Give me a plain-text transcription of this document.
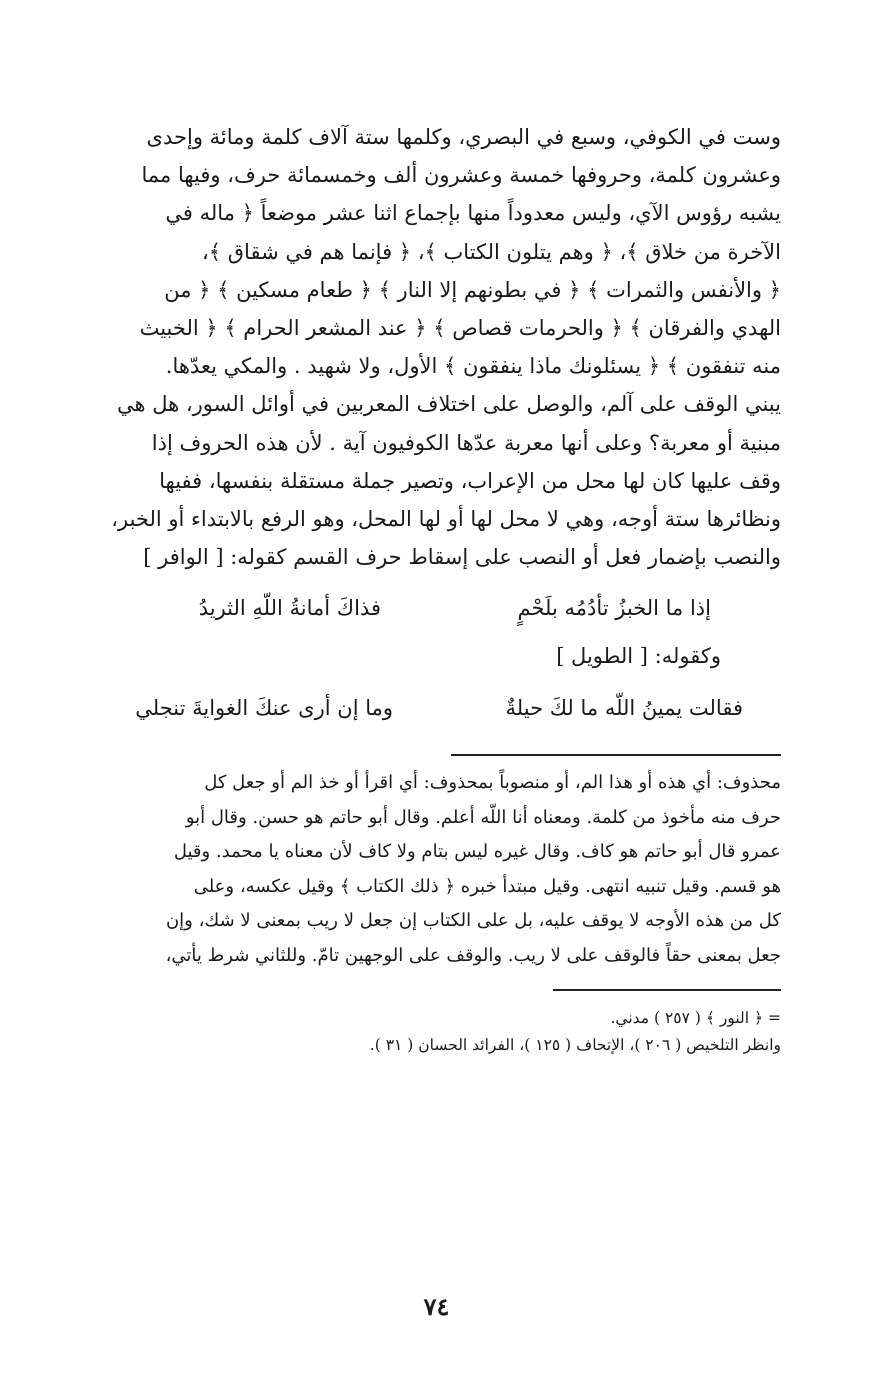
وست في الكوفي، وسبع في البصري، وكلمها ستة آلاف كلمة ومائة وإحدى

وعشرون كلمة، وحروفها خمسة وعشرون ألف وخمسمائة حرف، وفيها مما

يشبه رؤوس الآي، وليس معدوداً منها بإجماع اثنا عشر موضعاً ﴿ ماله في

الآخرة من خلاق ﴾، ﴿ وهم يتلون الكتاب ﴾، ﴿ فإنما هم في شقاق ﴾،

﴿ والأنفس والثمرات ﴾ ﴿ في بطونهم إلا النار ﴾ ﴿ طعام مسكين ﴾ ﴿ من

الهدي والفرقان ﴾ ﴿ والحرمات قصاص ﴾ ﴿ عند المشعر الحرام ﴾ ﴿ الخبيث

منه تنفقون ﴾ ﴿ يسئلونك ماذا ينفقون ﴾ الأول، ولا شهيد . والمكي يعدّها.

يبني الوقف على آلم، والوصل على اختلاف المعربين في أوائل السور، هل هي

مبنية أو معربة؟ وعلى أنها معربة عدّها الكوفيون آية . لأن هذه الحروف إذا

وقف عليها كان لها محل من الإعراب، وتصير جملة مستقلة بنفسها، ففيها

ونظائرها ستة أوجه، وهي لا محل لها أو لها المحل، وهو الرفع بالابتداء أو الخبر،

والنصب بإضمار فعل أو النصب على إسقاط حرف القسم كقوله: [ الوافر ]

إذا ما الخبزُ تأدُمُه بلَحْمٍ
فذاكَ أمانةُ اللّهِ الثريدُ
وكقوله: [ الطويل ]
فقالت يمينُ اللّه ما لكَ حيلةٌ
وما إن أرى عنكَ الغوايةَ تنجلي

محذوف: أي هذه أو هذا الم، أو منصوباً بمحذوف: أي اقرأ أو خذ الم أو جعل كل

حرف منه مأخوذ من كلمة. ومعناه أنا اللّه أعلم. وقال أبو حاتم هو حسن. وقال أبو

عمرو قال أبو حاتم هو كاف. وقال غيره ليس بتام ولا كاف لأن معناه يا محمد. وقيل

هو قسم. وقيل تنبيه انتهى. وقيل مبتدأ خبره ﴿ ذلك الكتاب ﴾ وقيل عكسه، وعلى

كل من هذه الأوجه لا يوقف عليه، بل على الكتاب إن جعل لا ريب بمعنى لا شك، وإن

جعل بمعنى حقاً فالوقف على لا ريب. والوقف على الوجهين تامّ. وللثاني شرط يأتي،

= ﴿ النور ﴾ ( ٢٥٧ ) مدني.

وانظر التلخيص ( ٢٠٦ )، الإتحاف ( ١٢٥ )، الفرائد الحسان ( ٣١ ).

٧٤
